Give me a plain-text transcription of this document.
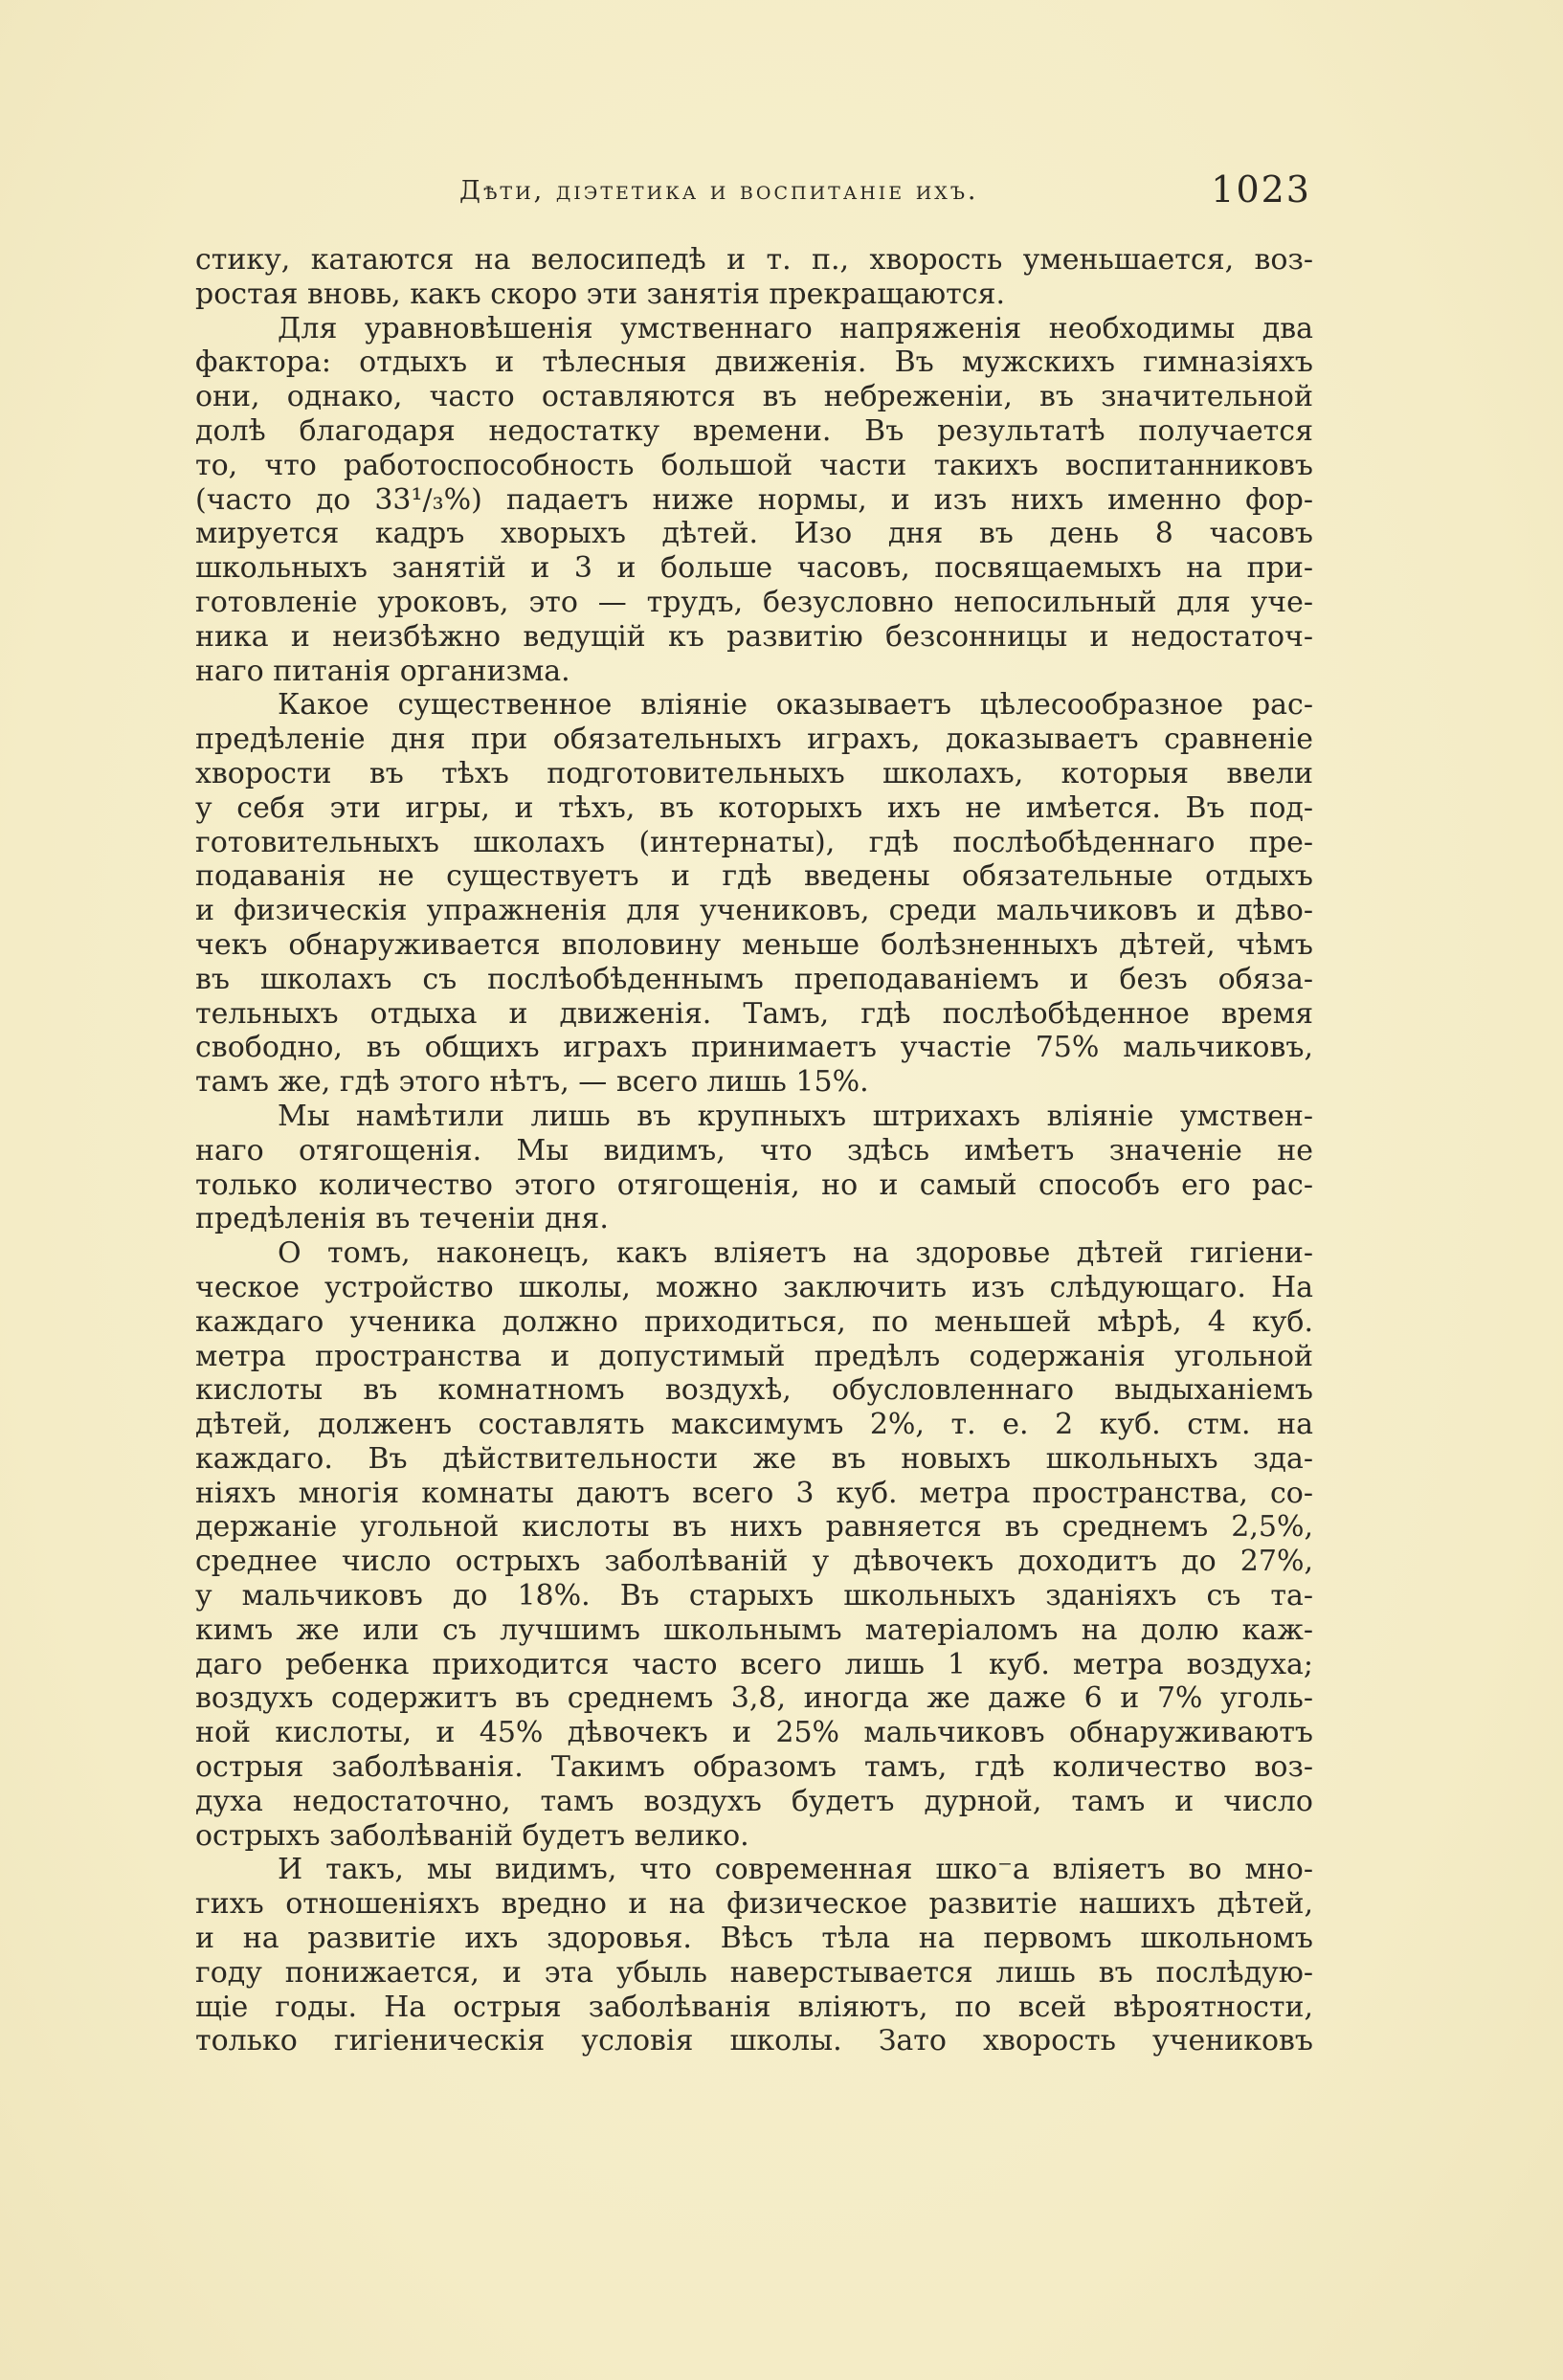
Дѣти, діэтетика и воспитаніе ихъ.	1023
стику, катаются на велосипедѣ и т. п., хворость уменьшается, воз-
ростая вновь, какъ скоро эти занятія прекращаются.
Для уравновѣшенія умственнаго напряженія необходимы два
фактора: отдыхъ и тѣлесныя движенія. Въ мужскихъ гимназіяхъ
они, однако, часто оставляются въ небреженіи, въ значительной
долѣ благодаря недостатку времени. Въ результатѣ получается
то, что работоспособность большой части такихъ воспитанниковъ
(часто до 33¹/₃%) падаетъ ниже нормы, и изъ нихъ именно фор-
мируется кадръ хворыхъ дѣтей. Изо дня въ день 8 часовъ
школьныхъ занятій и 3 и больше часовъ, посвящаемыхъ на при-
готовленіе уроковъ, это — трудъ, безусловно непосильный для уче-
ника и неизбѣжно ведущій къ развитію безсонницы и недостаточ-
наго питанія организма.
Какое существенное вліяніе оказываетъ цѣлесообразное рас-
предѣленіе дня при обязательныхъ играхъ, доказываетъ сравненіе
хворости въ тѣхъ подготовительныхъ школахъ, которыя ввели
у себя эти игры, и тѣхъ, въ которыхъ ихъ не имѣется. Въ под-
готовительныхъ школахъ (интернаты), гдѣ послѣобѣденнаго пре-
подаванія не существуетъ и гдѣ введены обязательные отдыхъ
и физическія упражненія для учениковъ, среди мальчиковъ и дѣво-
чекъ обнаруживается вполовину меньше болѣзненныхъ дѣтей, чѣмъ
въ школахъ съ послѣобѣденнымъ преподаваніемъ и безъ обяза-
тельныхъ отдыха и движенія. Тамъ, гдѣ послѣобѣденное время
свободно, въ общихъ играхъ принимаетъ участіе 75% мальчиковъ,
тамъ же, гдѣ этого нѣтъ, — всего лишь 15%.
Мы намѣтили лишь въ крупныхъ штрихахъ вліяніе умствен-
наго отягощенія. Мы видимъ, что здѣсь имѣетъ значеніе не
только количество этого отягощенія, но и самый способъ его рас-
предѣленія въ теченіи дня.
О томъ, наконецъ, какъ вліяетъ на здоровье дѣтей гигіени-
ческое устройство школы, можно заключить изъ слѣдующаго. На
каждаго ученика должно приходиться, по меньшей мѣрѣ, 4 куб.
метра пространства и допустимый предѣлъ содержанія угольной
кислоты въ комнатномъ воздухѣ, обусловленнаго выдыханіемъ
дѣтей, долженъ составлять максимумъ 2%, т. е. 2 куб. стм. на
каждаго. Въ дѣйствительности же въ новыхъ школьныхъ зда-
ніяхъ многія комнаты даютъ всего 3 куб. метра пространства, со-
держаніе угольной кислоты въ нихъ равняется въ среднемъ 2,5%,
среднее число острыхъ заболѣваній у дѣвочекъ доходитъ до 27%,
у мальчиковъ до 18%. Въ старыхъ школьныхъ зданіяхъ съ та-
кимъ же или съ лучшимъ школьнымъ матеріаломъ на долю каж-
даго ребенка приходится часто всего лишь 1 куб. метра воздуха;
воздухъ содержитъ въ среднемъ 3,8, иногда же даже 6 и 7% уголь-
ной кислоты, и 45% дѣвочекъ и 25% мальчиковъ обнаруживаютъ
острыя заболѣванія. Такимъ образомъ тамъ, гдѣ количество воз-
духа недостаточно, тамъ воздухъ будетъ дурной, тамъ и число
острыхъ заболѣваній будетъ велико.
И такъ, мы видимъ, что современная шко⁻а вліяетъ во мно-
гихъ отношеніяхъ вредно и на физическое развитіе нашихъ дѣтей,
и на развитіе ихъ здоровья. Вѣсъ тѣла на первомъ школьномъ
году понижается, и эта убыль наверстывается лишь въ послѣдую-
щіе годы. На острыя заболѣванія вліяютъ, по всей вѣроятности,
только гигіеническія условія школы. Зато хворость учениковъ
